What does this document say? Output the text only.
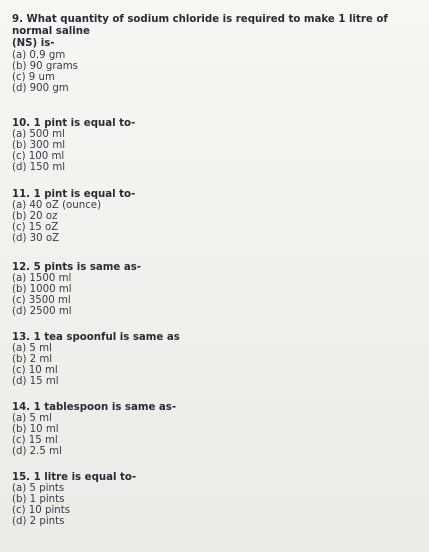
9. What quantity of sodium chloride is required to make 1 litre of normal saline
(NS) is-
(a) 0.9 gm
(b) 90 grams
(c) 9 um
(d) 900 gm
10. 1 pint is equal to-
(a) 500 ml
(b) 300 ml
(c) 100 ml
(d) 150 ml
11. 1 pint is equal to-
(a) 40 oZ (ounce)
(b) 20 oz
(c) 15 oZ
(d) 30 oZ
12. 5 pints is same as-
(a) 1500 ml
(b) 1000 ml
(c) 3500 ml
(d) 2500 ml
13. 1 tea spoonful is same as
(a) 5 ml
(b) 2 ml
(c) 10 ml
(d) 15 ml
14. 1 tablespoon is same as-
(a) 5 ml
(b) 10 ml
(c) 15 ml
(d) 2.5 ml
15. 1 litre is equal to-
(a) 5 pints
(b) 1 pints
(c) 10 pints
(d) 2 pints
